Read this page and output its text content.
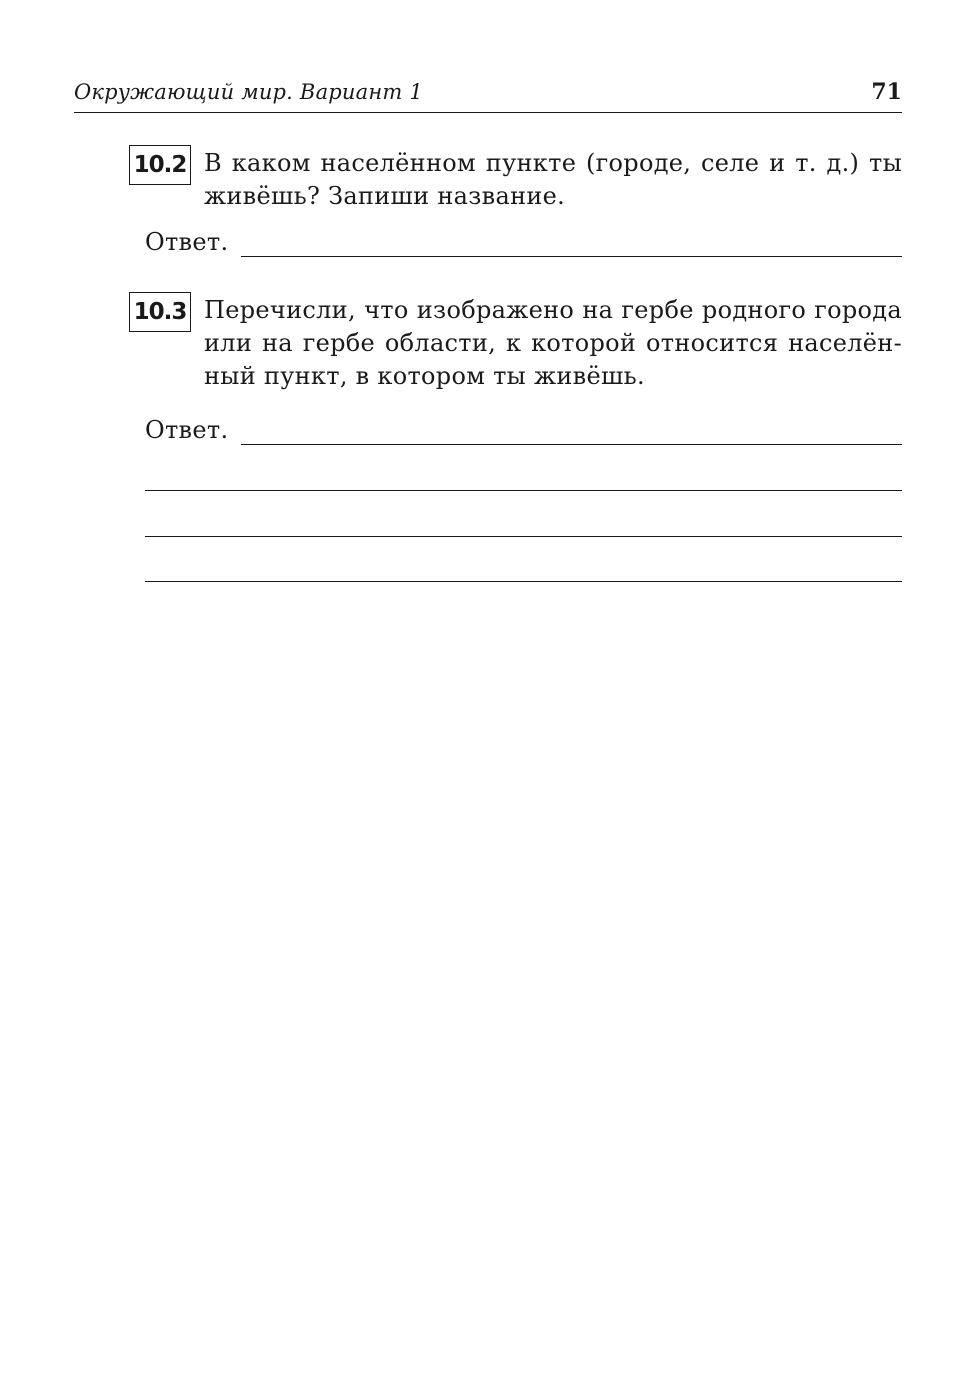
Окружающий мир. Вариант 1	71
10.2 В каком населённом пункте (городе, селе и т. д.) ты
живёшь? Запиши название.
Ответ.
10.3 Перечисли, что изображено на гербе родного города
или на гербе области, к которой относится населён-
ный пункт, в котором ты живёшь.
Ответ.
